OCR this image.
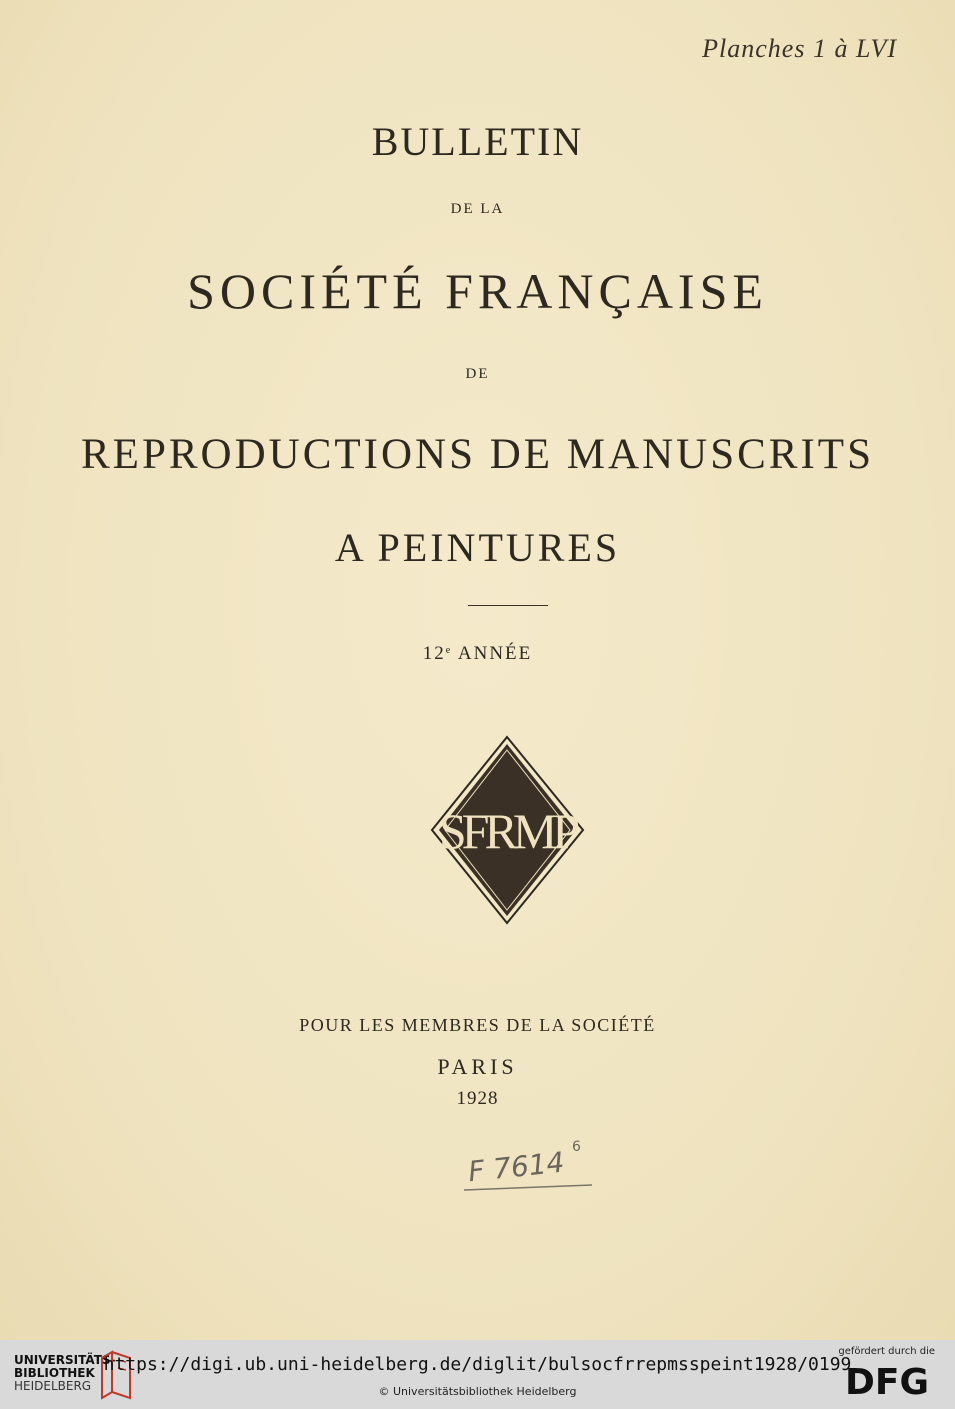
Planches 1 à LVI
BULLETIN
DE LA
SOCIÉTÉ FRANÇAISE
DE
REPRODUCTIONS DE MANUSCRITS
A PEINTURES
12e ANNÉE
SFRMP
POUR LES MEMBRES DE LA SOCIÉTÉ
PARIS
1928
F 7614 6
UNIVERSITÄTS-
BIBLIOTHEK
HEIDELBERG
https://digi.ub.uni-heidelberg.de/diglit/bulsocfrrepmsspeint1928/0199
© Universitätsbibliothek Heidelberg
gefördert durch die
DFG
